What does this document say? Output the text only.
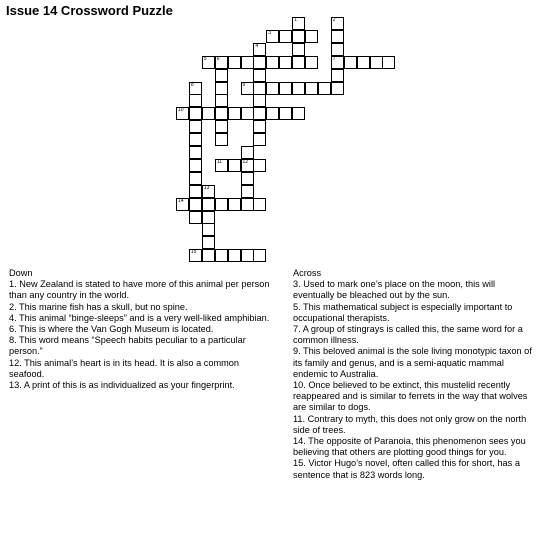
Issue 14 Crossword Puzzle
1	2
7
3
4
5 6
8	9
10
12
11
13
14
15
Down

1. New Zealand is stated to have more of this animal per person than any country in the world.

2. This marine fish has a skull, but no spine.

4. This animal “binge-sleeps” and is a very well-liked amphibian.

6. This is where the Van Gogh Museum is located.

8. This word means “Speech habits peculiar to a particular person.”

12. This animal’s heart is in its head. It is also a common seafood.

13. A print of this is as individualized as your fingerprint.

Across

3. Used to mark one’s place on the moon, this will eventually be bleached out by the sun.

5. This mathematical subject is especially important to occupational therapists.

7. A group of stingrays is called this, the same word for a common illness.

9. This beloved animal is the sole living monotypic taxon of its family and genus, and is a semi-aquatic mammal endemic to Australia.

10. Once believed to be extinct, this mustelid recently reappeared and is similar to ferrets in the way that wolves are similar to dogs.

11. Contrary to myth, this does not only grow on the north side of trees.

14. The opposite of Paranoia, this phenomenon sees you believing that others are plotting good things for you.

15. Victor Hugo’s novel, often called this for short, has a sentence that is 823 words long.
